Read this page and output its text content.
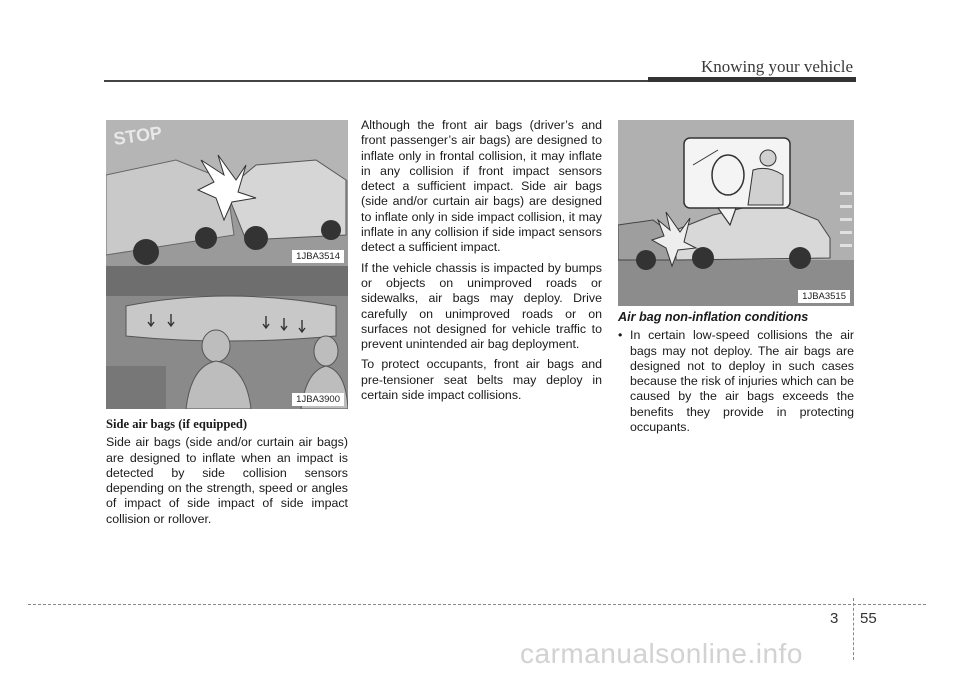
Knowing your vehicle
STOP
1JBA3514
1JBA3900
1JBA3515
Side air bags (if equipped)

Side air bags (side and/or curtain air bags) are designed to inflate when an impact is detected by side collision sensors depending on the strength, speed or angles of impact of side impact of side impact collision or rollover.

Although the front air bags (driver’s and front passenger’s air bags) are designed to inflate only in frontal collision, it may inflate in any collision if front impact sensors detect a sufficient impact. Side air bags (side and/or curtain air bags) are designed to inflate only in side impact collision, it may inflate in any collision if side impact sensors detect a sufficient impact.

If the vehicle chassis is impacted by bumps or objects on unimproved roads or sidewalks, air bags may deploy. Drive carefully on unimproved roads or on surfaces not designed for vehicle traffic to prevent unintended air bag deployment.

To protect occupants, front air bags and pre-tensioner seat belts may deploy in certain side impact collisions.

Air bag non-inflation conditions
• In certain low-speed collisions the air bags may not deploy. The air bags are designed not to deploy in such cases because the risk of injuries which can be caused by the air bags exceeds the benefits they provide in protecting occupants.
3 55
carmanualsonline.info
